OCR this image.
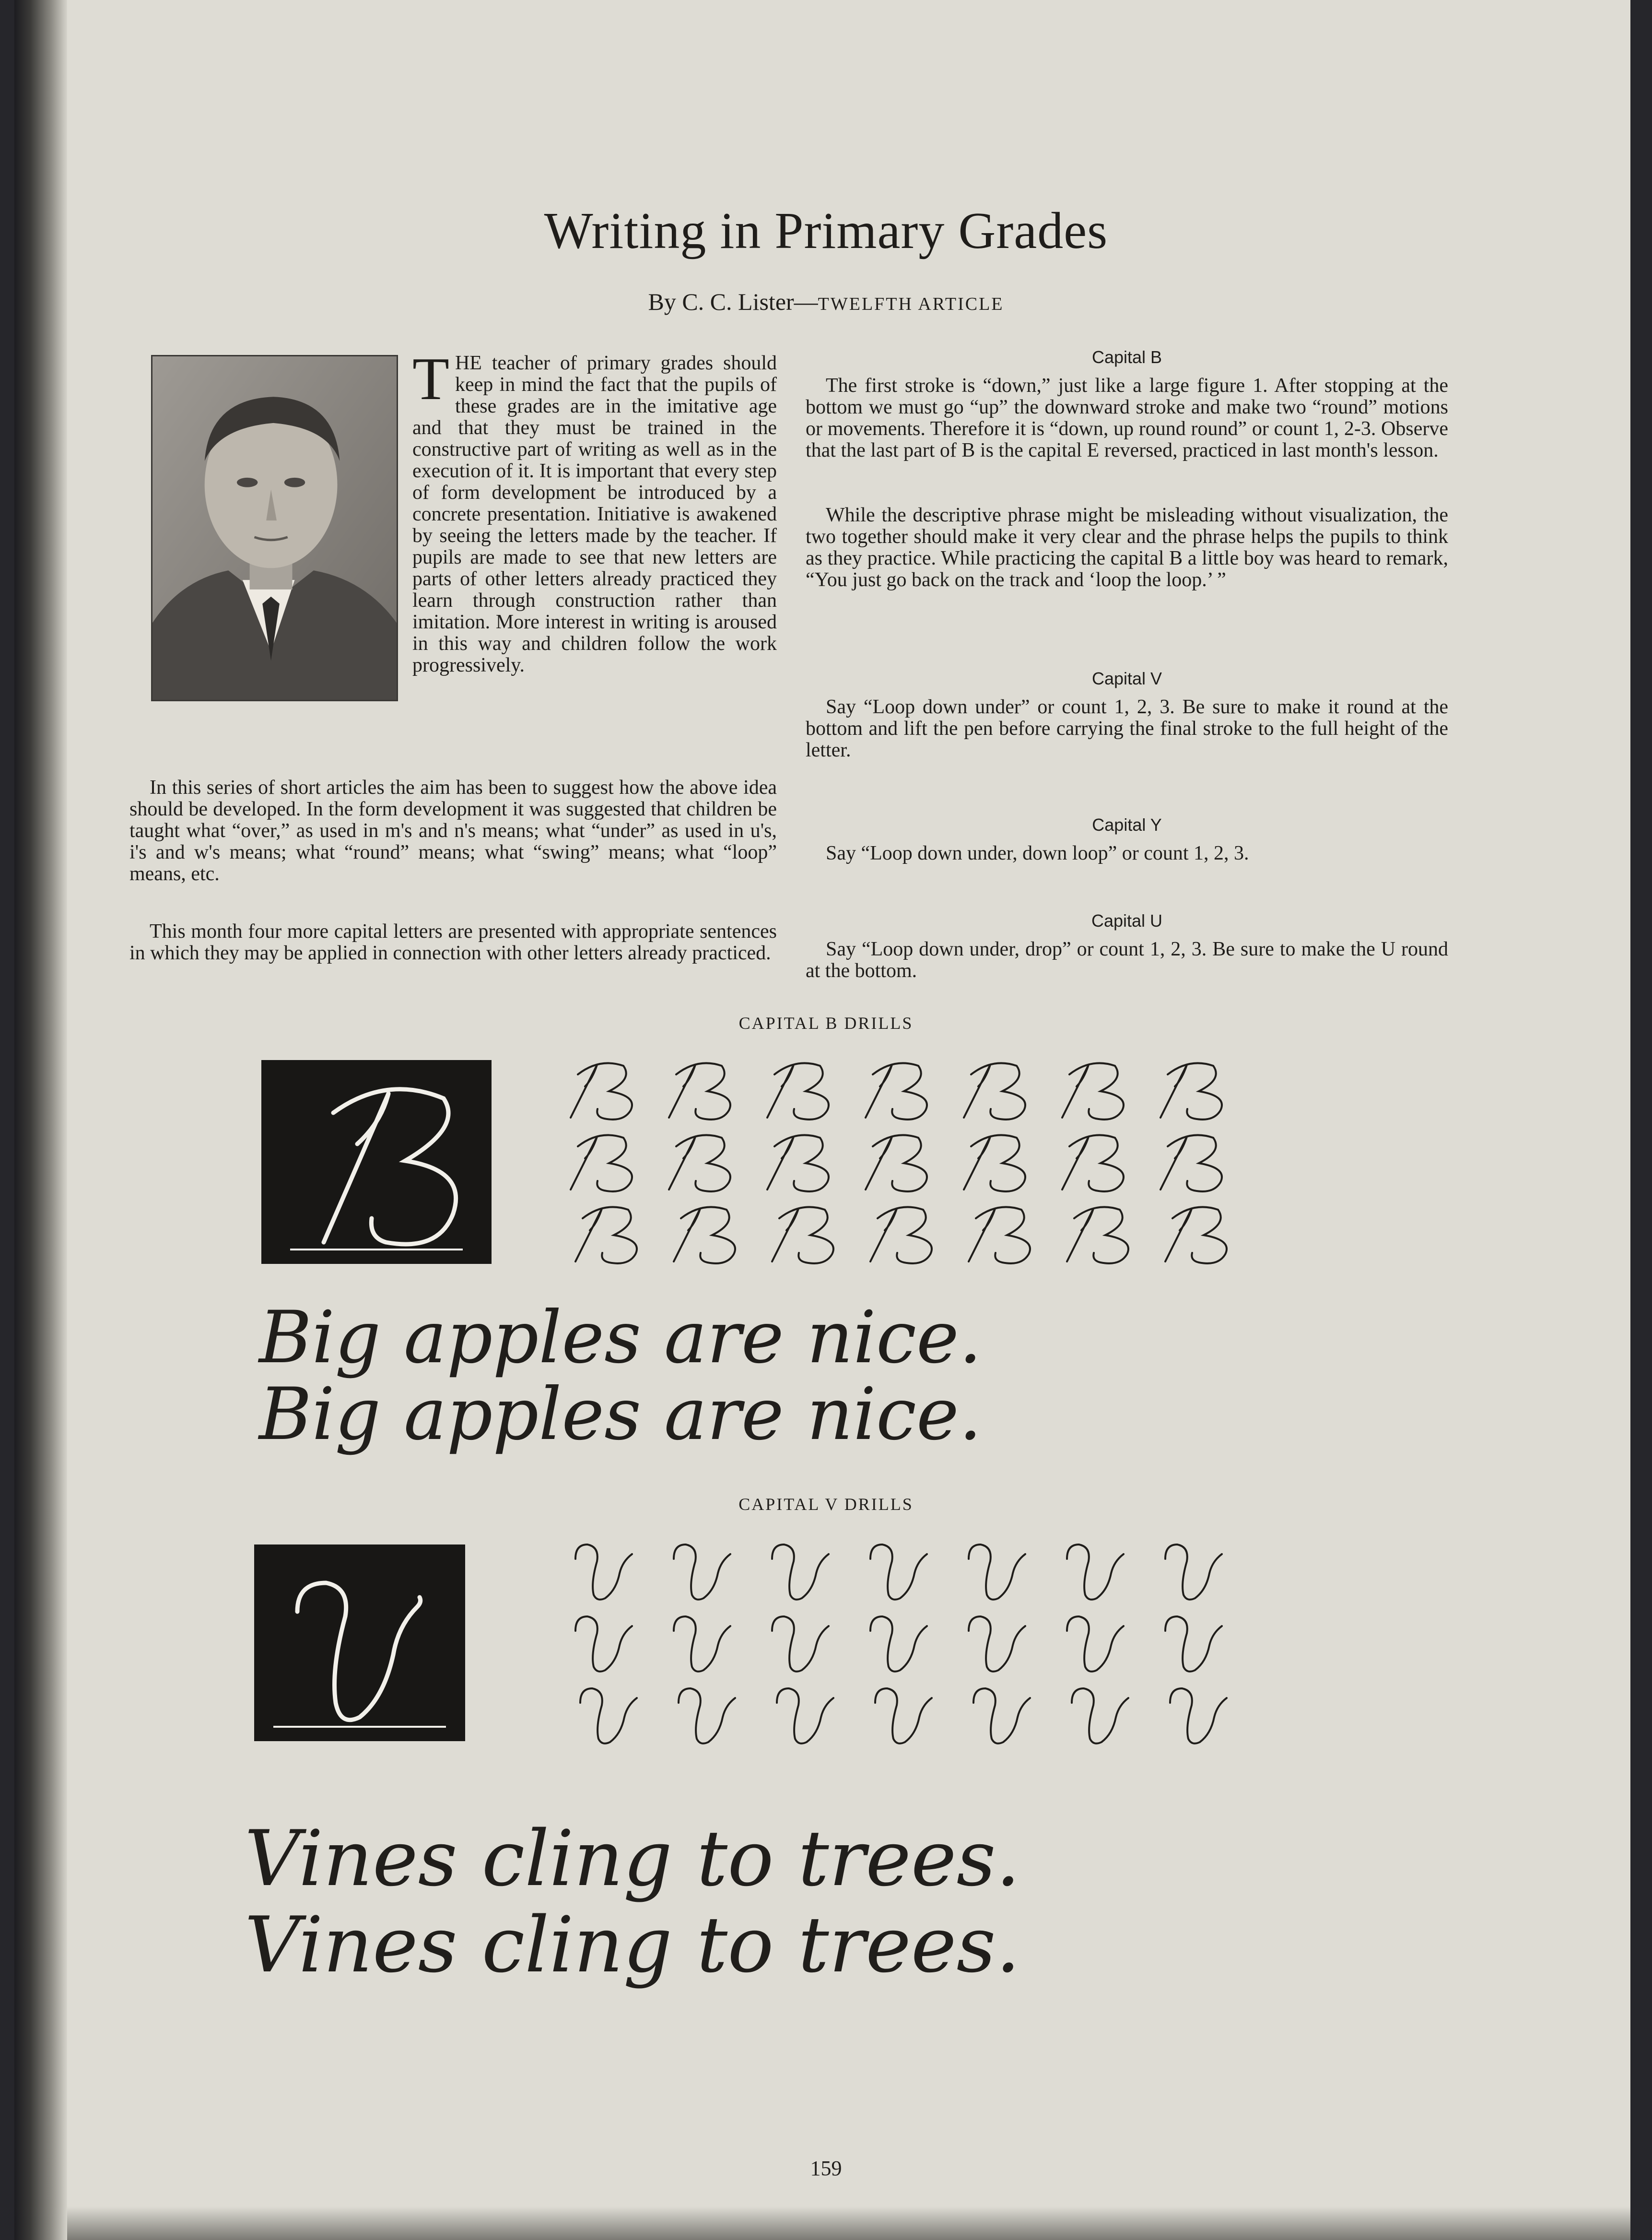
Writing in Primary Grades
By C. C. Lister—TWELFTH ARTICLE
THE teacher of primary grades should keep in mind the fact that the pupils of these grades are in the imitative age and that they must be trained in the constructive part of writing as well as in the execution of it. It is important that every step of form development be introduced by a concrete presentation. Initiative is awakened by seeing the letters made by the teacher. If pupils are made to see that new letters are parts of other letters already practiced they learn through construction rather than imitation. More interest in writing is aroused in this way and children follow the work progressively.
In this series of short articles the aim has been to suggest how the above idea should be developed. In the form development it was suggested that children be taught what “over,” as used in m's and n's means; what “under” as used in u's, i's and w's means; what “round” means; what “swing” means; what “loop” means, etc.
This month four more capital letters are presented with appropriate sentences in which they may be applied in connection with other letters already practiced.
Capital B
The first stroke is “down,” just like a large figure 1. After stopping at the bottom we must go “up” the downward stroke and make two “round” motions or movements. Therefore it is “down, up round round” or count 1, 2-3. Observe that the last part of B is the capital E reversed, practiced in last month's lesson.
While the descriptive phrase might be misleading without visualization, the two together should make it very clear and the phrase helps the pupils to think as they practice. While practicing the capital B a little boy was heard to remark, “You just go back on the track and ‘loop the loop.’ ”
Capital V
Say “Loop down under” or count 1, 2, 3. Be sure to make it round at the bottom and lift the pen before carrying the final stroke to the full height of the letter.
Capital Y
Say “Loop down under, down loop” or count 1, 2, 3.
Capital U
Say “Loop down under, drop” or count 1, 2, 3. Be sure to make the U round at the bottom.
CAPITAL B DRILLS
Big apples are nice.
Big apples are nice.
CAPITAL V DRILLS
Vines cling to trees.
Vines cling to trees.
159
